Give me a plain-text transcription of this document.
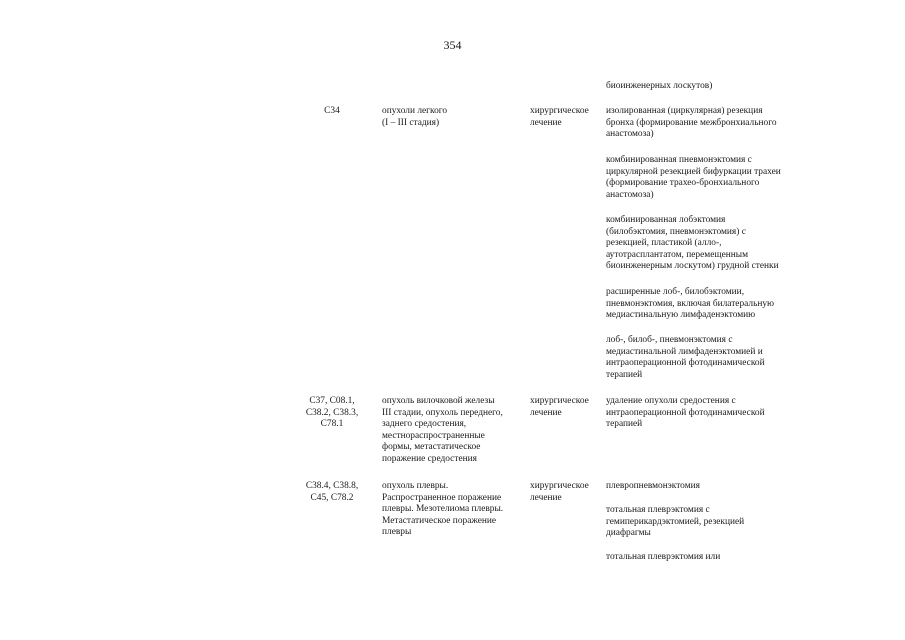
354
биоинженерных лоскутов)
C34	опухоли легкого
(I – III стадия)
хирургическое
лечение
изолированная (циркулярная) резекция
бронха (формирование межбронхиального
анастомоза)
комбинированная пневмонэктомия с
циркулярной резекцией бифуркации трахеи
(формирование трахео-бронхиального
анастомоза)
комбинированная лобэктомия
(билобэктомия, пневмонэктомия) с
резекцией, пластикой (алло-,
аутотрасплантатом, перемещенным
биоинженерным лоскутом) грудной стенки
расширенные лоб-, билобэктомии,
пневмонэктомия, включая билатеральную
медиастинальную лимфаденэктомию
лоб-, билоб-, пневмонэктомия с
медиастинальной лимфаденэктомией и
интраоперационной фотодинамической
терапией
C37, C08.1,
C38.2, C38.3,
C78.1
опухоль вилочковой железы
III стадии, опухоль переднего,
заднего средостения,
местнораспространенные
формы, метастатическое
поражение средостения
хирургическое
лечение
удаление опухоли средостения с
интраоперационной фотодинамической
терапией
C38.4, C38.8,
C45, C78.2
опухоль плевры.
Распространенное поражение
плевры. Мезотелиома плевры.
Метастатическое поражение
плевры
хирургическое
лечение
плевропневмонэктомия
тотальная плеврэктомия с
гемиперикардэктомией, резекцией
диафрагмы
тотальная плеврэктомия или
